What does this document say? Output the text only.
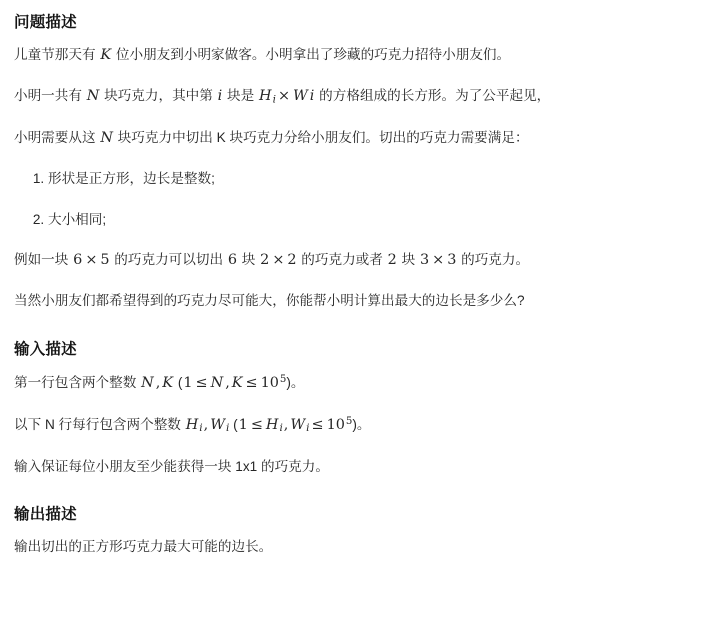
问题描述

儿童节那天有 K 位小朋友到小明家做客。小明拿出了珍藏的巧克力招待小朋友们。

小明一共有 N 块巧克力，其中第 i 块是 $H_i \times W$ i 的方格组成的长方形。为了公平起见，

小明需要从这 N 块巧克力中切出 K 块巧克力分给小朋友们。切出的巧克力需要满足：

1. 形状是正方形，边长是整数;
2. 大小相同;

例如一块 6 × 5 的巧克力可以切出 6 块 2 × 2 的巧克力或者 2 块 3 × 3 的巧克力。

当然小朋友们都希望得到的巧克力尽可能大，你能帮小明计算出最大的边长是多少么?

输入描述

第一行包含两个整数 N , K (1 ≤ N , $K \le 10^5$)。

以下 N 行每行包含两个整数 $H_i$, $W_i$ ($1 \le H_i$, $W_i \le 10^5$)。

输入保证每位小朋友至少能获得一块 1x1 的巧克力。

输出描述

输出切出的正方形巧克力最大可能的边长。
